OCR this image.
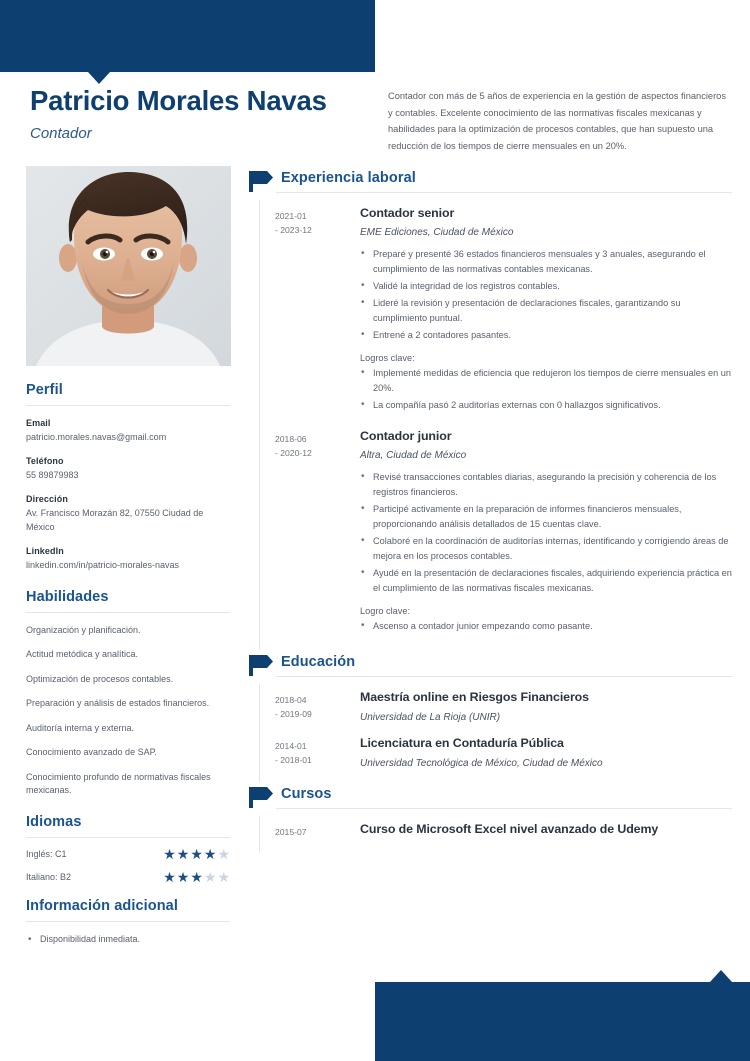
Patricio Morales Navas
Contador
Contador con más de 5 años de experiencia en la gestión de aspectos financieros y contables. Excelente conocimiento de las normativas fiscales mexicanas y habilidades para la optimización de procesos contables, que han supuesto una reducción de los tiempos de cierre mensuales en un 20%.
Perfil
Email
patricio.morales.navas@gmail.com
Teléfono
55 89879983
Dirección
Av. Francisco Morazán 82, 07550 Ciudad de México
LinkedIn
linkedin.com/in/patricio-morales-navas
Habilidades
Organización y planificación.
Actitud metódica y analítica.
Optimización de procesos contables.
Preparación y análisis de estados financieros.
Auditoría interna y externa.
Conocimiento avanzado de SAP.
Conocimiento profundo de normativas fiscales mexicanas.
Idiomas
Inglés: C1	★ ★ ★ ★ ★
Italiano: B2	★ ★ ★ ★ ★
Información adicional
• Disponibilidad inmediata.
Experiencia laboral
2021-01
- 2023-12
Contador senior
EME Ediciones, Ciudad de México
• Preparé y presenté 36 estados financieros mensuales y 3 anuales, asegurando el cumplimiento de las normativas contables mexicanas.
• Validé la integridad de los registros contables.
• Lideré la revisión y presentación de declaraciones fiscales, garantizando su cumplimiento puntual.
• Entrené a 2 contadores pasantes.
Logros clave:
• Implementé medidas de eficiencia que redujeron los tiempos de cierre mensuales en un 20%.
• La compañía pasó 2 auditorías externas con 0 hallazgos significativos.
2018-06
- 2020-12
Contador junior
Altra, Ciudad de México
• Revisé transacciones contables diarias, asegurando la precisión y coherencia de los registros financieros.
• Participé activamente en la preparación de informes financieros mensuales, proporcionando análisis detallados de 15 cuentas clave.
• Colaboré en la coordinación de auditorías internas, identificando y corrigiendo áreas de mejora en los procesos contables.
• Ayudé en la presentación de declaraciones fiscales, adquiriendo experiencia práctica en el cumplimiento de las normativas fiscales mexicanas.
Logro clave:
• Ascenso a contador junior empezando como pasante.
Educación
2018-04
- 2019-09
Maestría online en Riesgos Financieros
Universidad de La Rioja (UNIR)
2014-01
- 2018-01
Licenciatura en Contaduría Pública
Universidad Tecnológica de México, Ciudad de México
Cursos
2015-07	Curso de Microsoft Excel nivel avanzado de Udemy
